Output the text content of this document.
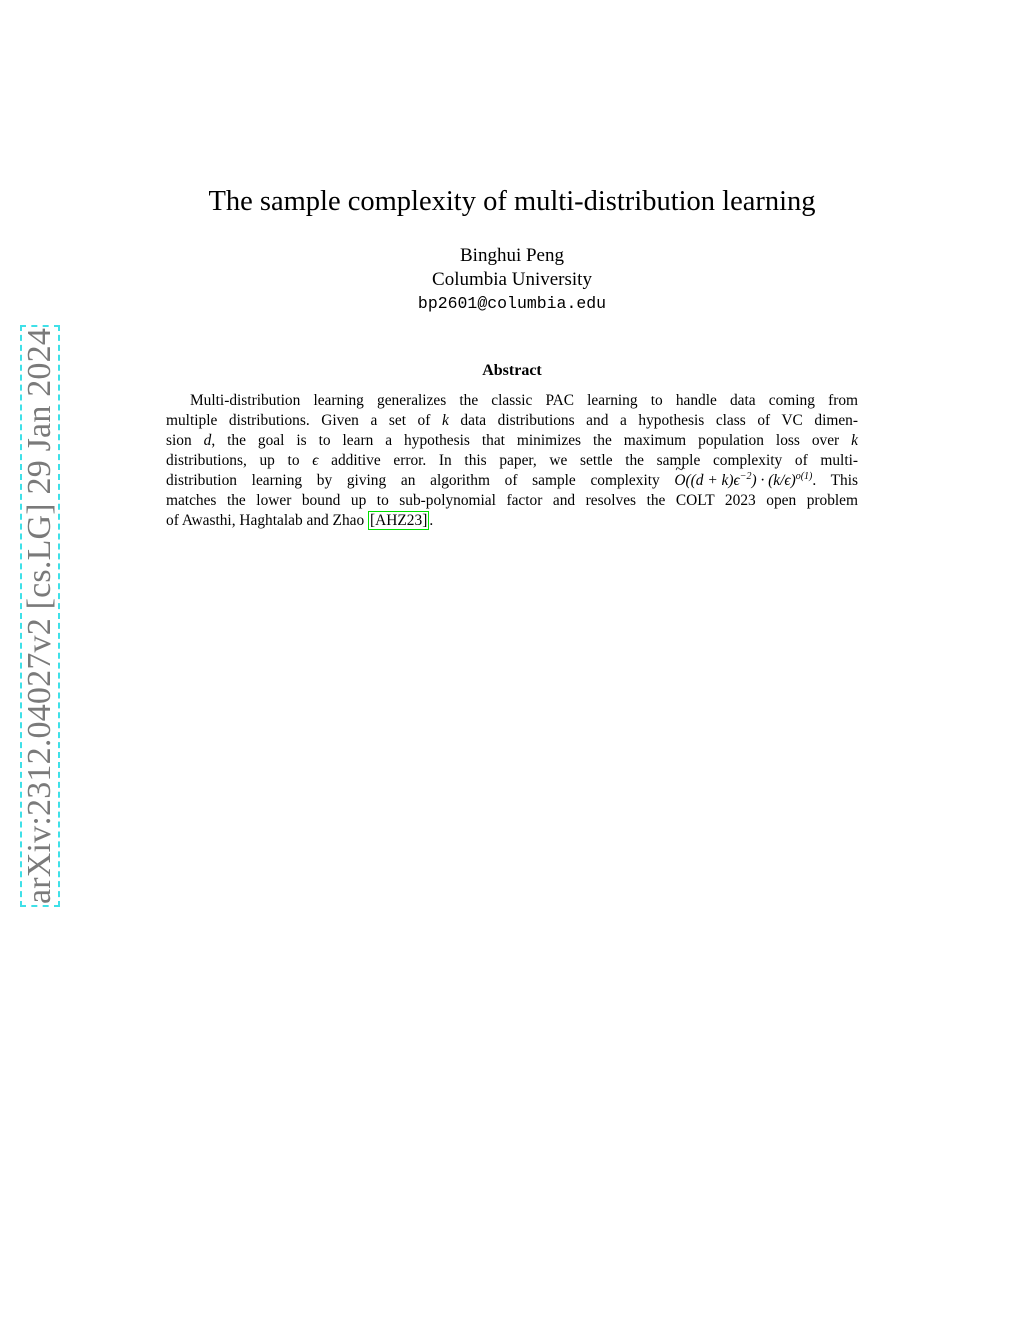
arXiv:2312.04027v2 [cs.LG] 29 Jan 2024
The sample complexity of multi-distribution learning
Binghui Peng
Columbia University
bp2601@columbia.edu
Abstract
Multi-distribution learning generalizes the classic PAC learning to handle data coming from
multiple distributions. Given a set of k data distributions and a hypothesis class of VC dimen-
sion d, the goal is to learn a hypothesis that minimizes the maximum population loss over k
distributions, up to ϵ additive error. In this paper, we settle the sample complexity of multi-
distribution learning by giving an algorithm of sample complexity ~ $O((d + k)\epsilon^{-2}) \cdot (k/\epsilon)^{o(1)}$. This
matches the lower bound up to sub-polynomial factor and resolves the COLT 2023 open problem
of Awasthi, Haghtalab and Zhao [AHZ23] .
